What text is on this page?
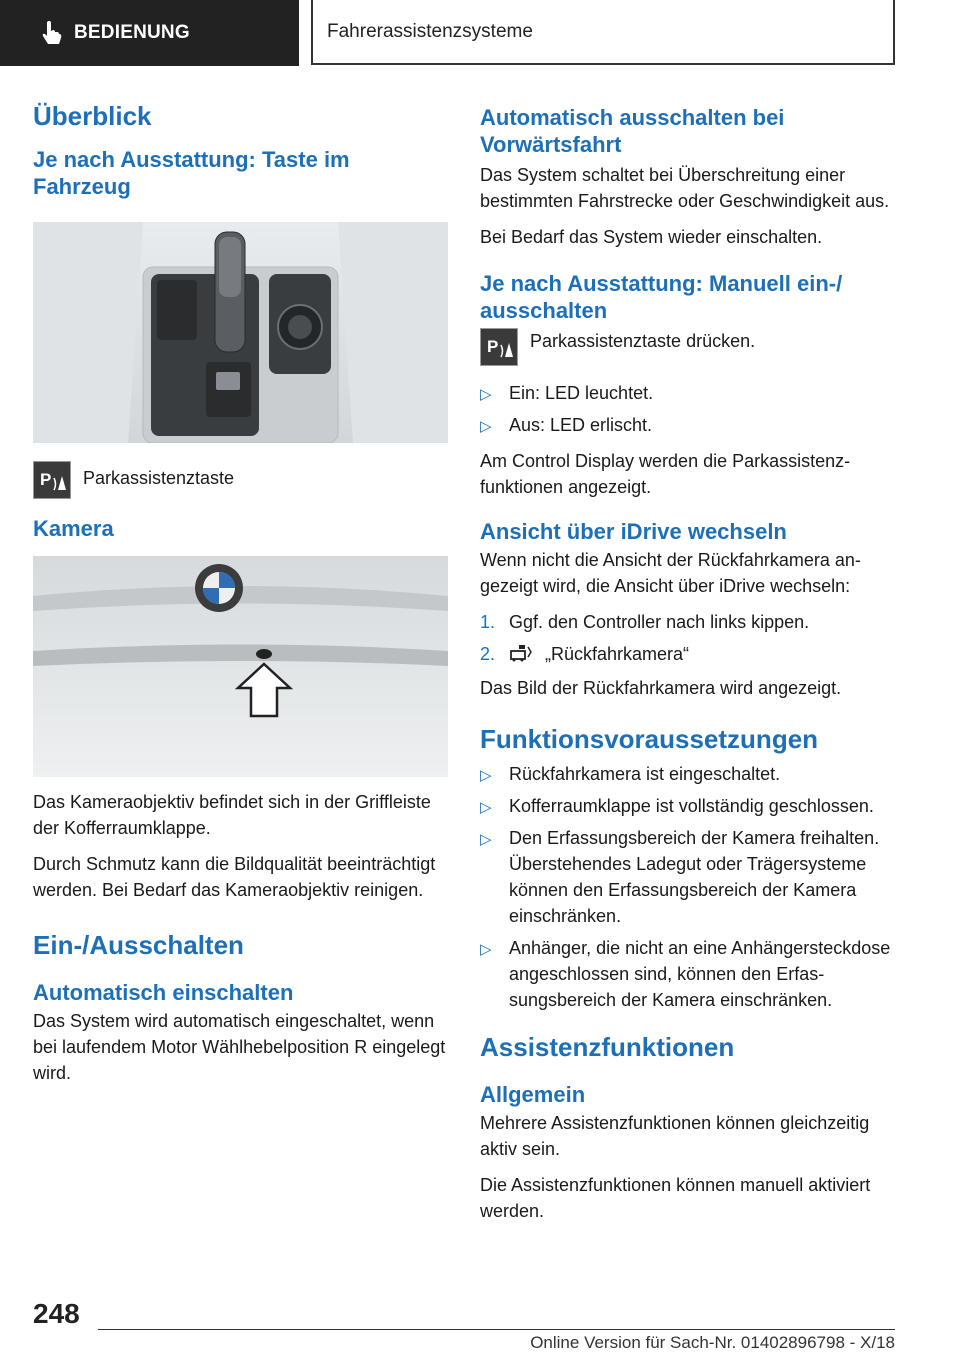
BEDIENUNG	Fahrerassistenzsysteme
Überblick
Je nach Ausstattung: Taste im Fahrzeug
P Parkassistenztaste
Kamera

Das Kameraobjektiv befindet sich in der Griffleiste der Kofferraumklappe.

Durch Schmutz kann die Bildqualität beeinträchtigt werden. Bei Bedarf das Kameraobjektiv reinigen.

Ein-/Ausschalten
Automatisch einschalten

Das System wird automatisch eingeschaltet, wenn bei laufendem Motor Wählhebelposition R eingelegt wird.

Automatisch ausschalten bei Vorwärtsfahrt

Das System schaltet bei Überschreitung einer bestimmten Fahrstrecke oder Geschwindigkeit aus.

Bei Bedarf das System wieder einschalten.

Je nach Ausstattung: Manuell ein-/ ausschalten
P Parkassistenztaste drücken.
▷ Ein: LED leuchtet.
▷ Aus: LED erlischt.

Am Control Display werden die Parkassistenzfunktionen angezeigt.

Ansicht über iDrive wechseln

Wenn nicht die Ansicht der Rückfahrkamera angezeigt wird, die Ansicht über iDrive wechseln:

1. Ggf. den Controller nach links kippen.
2.	„Rückfahrkamera“

Das Bild der Rückfahrkamera wird angezeigt.

Funktionsvoraussetzungen
▷ Rückfahrkamera ist eingeschaltet.
▷ Kofferraumklappe ist vollständig geschlossen.
▷ Den Erfassungsbereich der Kamera freihalten. Überstehendes Ladegut oder Trägersysteme können den Erfassungsbereich der Kamera einschränken.
▷ Anhänger, die nicht an eine Anhängersteckdose angeschlossen sind, können den Erfassungsbereich der Kamera einschränken.
Assistenzfunktionen
Allgemein

Mehrere Assistenzfunktionen können gleichzeitig aktiv sein.

Die Assistenzfunktionen können manuell aktiviert werden.

248
Online Version für Sach-Nr. 01402896798 - X/18
